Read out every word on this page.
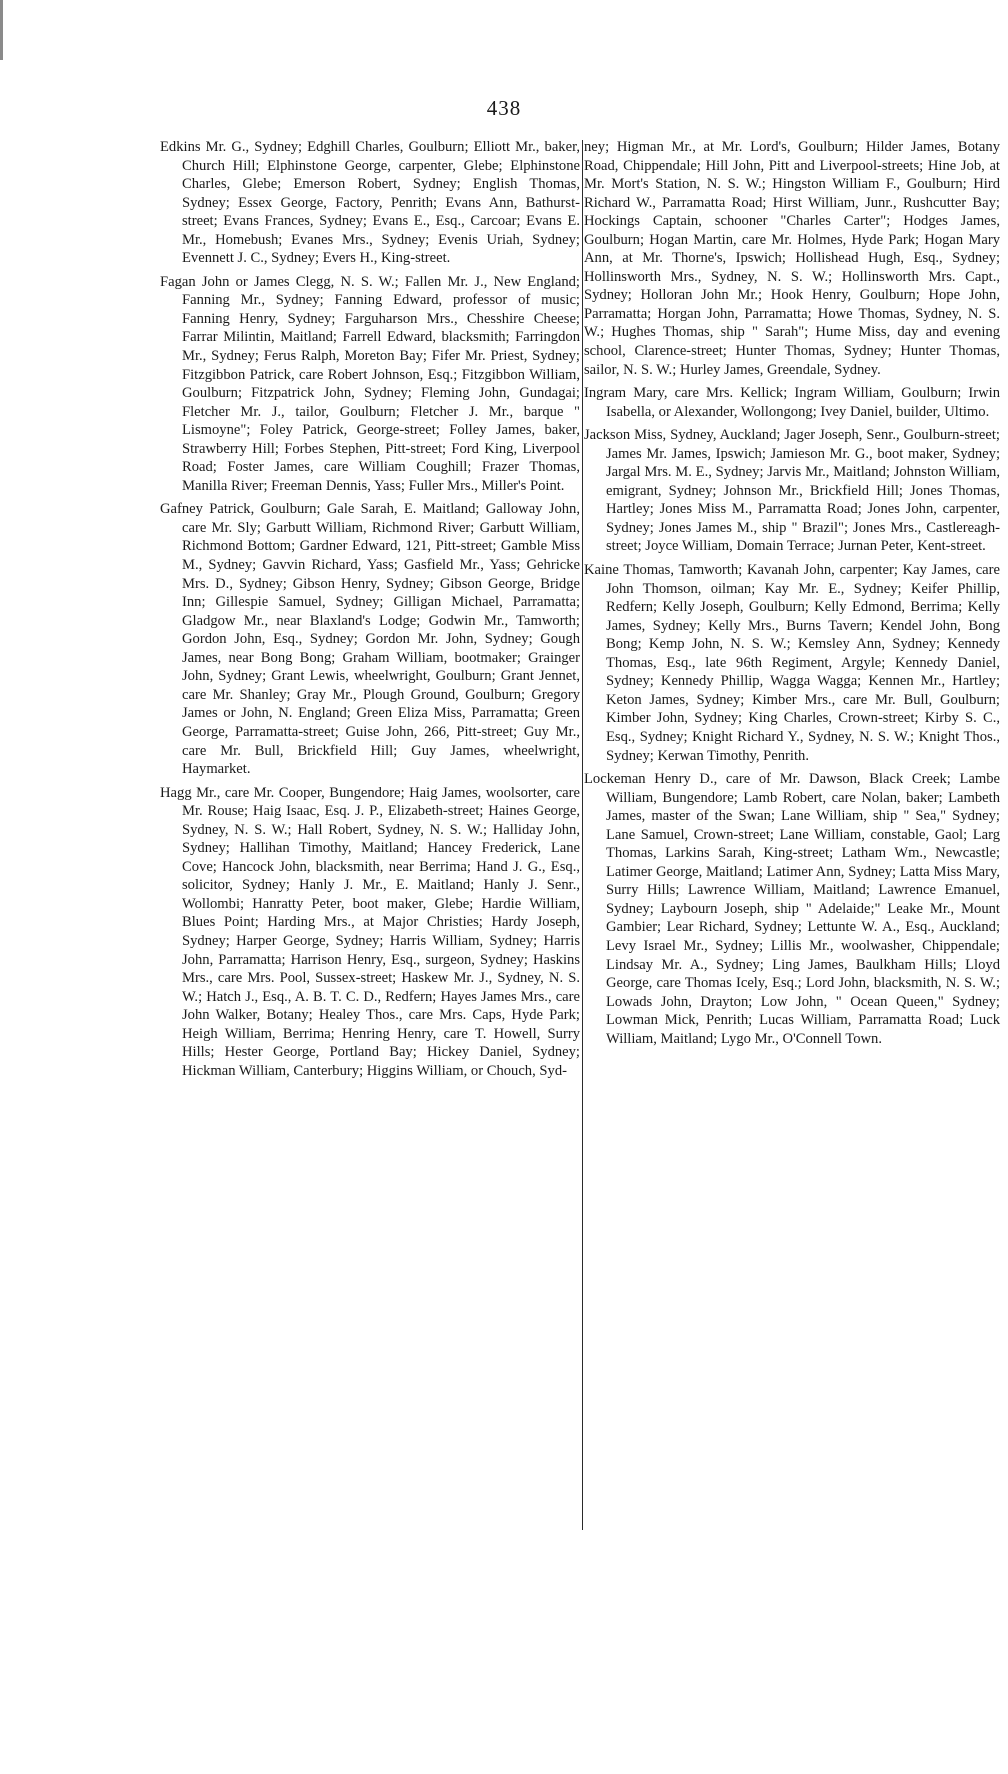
438

Edkins Mr. G., Sydney; Edghill Charles, Goulburn; Elliott Mr., baker, Church Hill; Elphinstone George, carpenter, Glebe; Elphinstone Charles, Glebe; Emerson Robert, Sydney; English Thomas, Sydney; Essex George, Factory, Penrith; Evans Ann, Bathurst-street; Evans Frances, Sydney; Evans E., Esq., Carcoar; Evans E. Mr., Homebush; Evanes Mrs., Sydney; Evenis Uriah, Sydney; Evennett J. C., Sydney; Evers H., King-street.

Fagan John or James Clegg, N. S. W.; Fallen Mr. J., New England; Fanning Mr., Sydney; Fanning Edward, professor of music; Fanning Henry, Sydney; Farguharson Mrs., Chesshire Cheese; Farrar Milintin, Maitland; Farrell Edward, blacksmith; Farringdon Mr., Sydney; Ferus Ralph, Moreton Bay; Fifer Mr. Priest, Sydney; Fitzgibbon Patrick, care Robert Johnson, Esq.; Fitzgibbon William, Goulburn; Fitzpatrick John, Sydney; Fleming John, Gundagai; Fletcher Mr. J., tailor, Goulburn; Fletcher J. Mr., barque " Lismoyne"; Foley Patrick, George-street; Folley James, baker, Strawberry Hill; Forbes Stephen, Pitt-street; Ford King, Liverpool Road; Foster James, care William Coughill; Frazer Thomas, Manilla River; Freeman Dennis, Yass; Fuller Mrs., Miller's Point.

Gafney Patrick, Goulburn; Gale Sarah, E. Maitland; Galloway John, care Mr. Sly; Garbutt William, Richmond River; Garbutt William, Richmond Bottom; Gardner Edward, 121, Pitt-street; Gamble Miss M., Sydney; Gavvin Richard, Yass; Gasfield Mr., Yass; Gehricke Mrs. D., Sydney; Gibson Henry, Sydney; Gibson George, Bridge Inn; Gillespie Samuel, Sydney; Gilligan Michael, Parramatta; Gladgow Mr., near Blaxland's Lodge; Godwin Mr., Tamworth; Gordon John, Esq., Sydney; Gordon Mr. John, Sydney; Gough James, near Bong Bong; Graham William, bootmaker; Grainger John, Sydney; Grant Lewis, wheelwright, Goulburn; Grant Jennet, care Mr. Shanley; Gray Mr., Plough Ground, Goulburn; Gregory James or John, N. England; Green Eliza Miss, Parramatta; Green George, Parramatta-street; Guise John, 266, Pitt-street; Guy Mr., care Mr. Bull, Brickfield Hill; Guy James, wheelwright, Haymarket.

Hagg Mr., care Mr. Cooper, Bungendore; Haig James, woolsorter, care Mr. Rouse; Haig Isaac, Esq. J. P., Elizabeth-street; Haines George, Sydney, N. S. W.; Hall Robert, Sydney, N. S. W.; Halliday John, Sydney; Hallihan Timothy, Maitland; Hancey Frederick, Lane Cove; Hancock John, blacksmith, near Berrima; Hand J. G., Esq., solicitor, Sydney; Hanly J. Mr., E. Maitland; Hanly J. Senr., Wollombi; Hanratty Peter, boot maker, Glebe; Hardie William, Blues Point; Harding Mrs., at Major Christies; Hardy Joseph, Sydney; Harper George, Sydney; Harris William, Sydney; Harris John, Parramatta; Harrison Henry, Esq., surgeon, Sydney; Haskins Mrs., care Mrs. Pool, Sussex-street; Haskew Mr. J., Sydney, N. S. W.; Hatch J., Esq., A. B. T. C. D., Redfern; Hayes James Mrs., care John Walker, Botany; Healey Thos., care Mrs. Caps, Hyde Park; Heigh William, Berrima; Henring Henry, care T. Howell, Surry Hills; Hester George, Portland Bay; Hickey Daniel, Sydney; Hickman William, Canterbury; Higgins William, or Chouch, Syd-

ney; Higman Mr., at Mr. Lord's, Goulburn; Hilder James, Botany Road, Chippendale; Hill John, Pitt and Liverpool-streets; Hine Job, at Mr. Mort's Station, N. S. W.; Hingston William F., Goulburn; Hird Richard W., Parramatta Road; Hirst William, Junr., Rushcutter Bay; Hockings Captain, schooner "Charles Carter"; Hodges James, Goulburn; Hogan Martin, care Mr. Holmes, Hyde Park; Hogan Mary Ann, at Mr. Thorne's, Ipswich; Hollishead Hugh, Esq., Sydney; Hollinsworth Mrs., Sydney, N. S. W.; Hollinsworth Mrs. Capt., Sydney; Holloran John Mr.; Hook Henry, Goulburn; Hope John, Parramatta; Horgan John, Parramatta; Howe Thomas, Sydney, N. S. W.; Hughes Thomas, ship " Sarah"; Hume Miss, day and evening school, Clarence-street; Hunter Thomas, Sydney; Hunter Thomas, sailor, N. S. W.; Hurley James, Greendale, Sydney.

Ingram Mary, care Mrs. Kellick; Ingram William, Goulburn; Irwin Isabella, or Alexander, Wollongong; Ivey Daniel, builder, Ultimo.

Jackson Miss, Sydney, Auckland; Jager Joseph, Senr., Goulburn-street; James Mr. James, Ipswich; Jamieson Mr. G., boot maker, Sydney; Jargal Mrs. M. E., Sydney; Jarvis Mr., Maitland; Johnston William, emigrant, Sydney; Johnson Mr., Brickfield Hill; Jones Thomas, Hartley; Jones Miss M., Parramatta Road; Jones John, carpenter, Sydney; Jones James M., ship " Brazil"; Jones Mrs., Castlereagh-street; Joyce William, Domain Terrace; Jurnan Peter, Kent-street.

Kaine Thomas, Tamworth; Kavanah John, carpenter; Kay James, care John Thomson, oilman; Kay Mr. E., Sydney; Keifer Phillip, Redfern; Kelly Joseph, Goulburn; Kelly Edmond, Berrima; Kelly James, Sydney; Kelly Mrs., Burns Tavern; Kendel John, Bong Bong; Kemp John, N. S. W.; Kemsley Ann, Sydney; Kennedy Thomas, Esq., late 96th Regiment, Argyle; Kennedy Daniel, Sydney; Kennedy Phillip, Wagga Wagga; Kennen Mr., Hartley; Keton James, Sydney; Kimber Mrs., care Mr. Bull, Goulburn; Kimber John, Sydney; King Charles, Crown-street; Kirby S. C., Esq., Sydney; Knight Richard Y., Sydney, N. S. W.; Knight Thos., Sydney; Kerwan Timothy, Penrith.

Lockeman Henry D., care of Mr. Dawson, Black Creek; Lambe William, Bungendore; Lamb Robert, care Nolan, baker; Lambeth James, master of the Swan; Lane William, ship " Sea," Sydney; Lane Samuel, Crown-street; Lane William, constable, Gaol; Larg Thomas, Larkins Sarah, King-street; Latham Wm., Newcastle; Latimer George, Maitland; Latimer Ann, Sydney; Latta Miss Mary, Surry Hills; Lawrence William, Maitland; Lawrence Emanuel, Sydney; Laybourn Joseph, ship " Adelaide;" Leake Mr., Mount Gambier; Lear Richard, Sydney; Lettunte W. A., Esq., Auckland; Levy Israel Mr., Sydney; Lillis Mr., woolwasher, Chippendale; Lindsay Mr. A., Sydney; Ling James, Baulkham Hills; Lloyd George, care Thomas Icely, Esq.; Lord John, blacksmith, N. S. W.; Lowads John, Drayton; Low John, " Ocean Queen," Sydney; Lowman Mick, Penrith; Lucas William, Parramatta Road; Luck William, Maitland; Lygo Mr., O'Connell Town.
